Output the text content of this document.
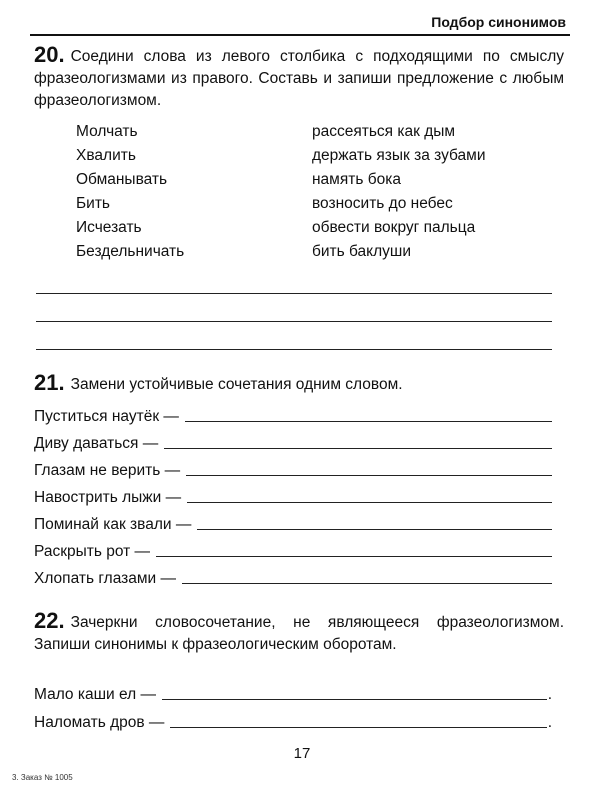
Подбор синонимов
20. Соедини слова из левого столбика с подходящими по смыслу фразеологизмами из правого. Составь и запиши предложение с любым фразеологизмом.
Молчать
Хвалить
Обманывать
Бить
Исчезать
Бездельничать
рассеяться как дым
держать язык за зубами
намять бока
возносить до небес
обвести вокруг пальца
бить баклуши
21. Замени устойчивые сочетания одним словом.
Пуститься наутёк —
Диву даваться —
Глазам не верить —
Навострить лыжи —
Поминай как звали —
Раскрыть рот —
Хлопать глазами —
22. Зачеркни словосочетание, не являющееся фразеологизмом. Запиши синонимы к фразеологическим оборотам.
Мало каши ел —	.
Наломать дров —	.
17
3. Заказ № 1005
